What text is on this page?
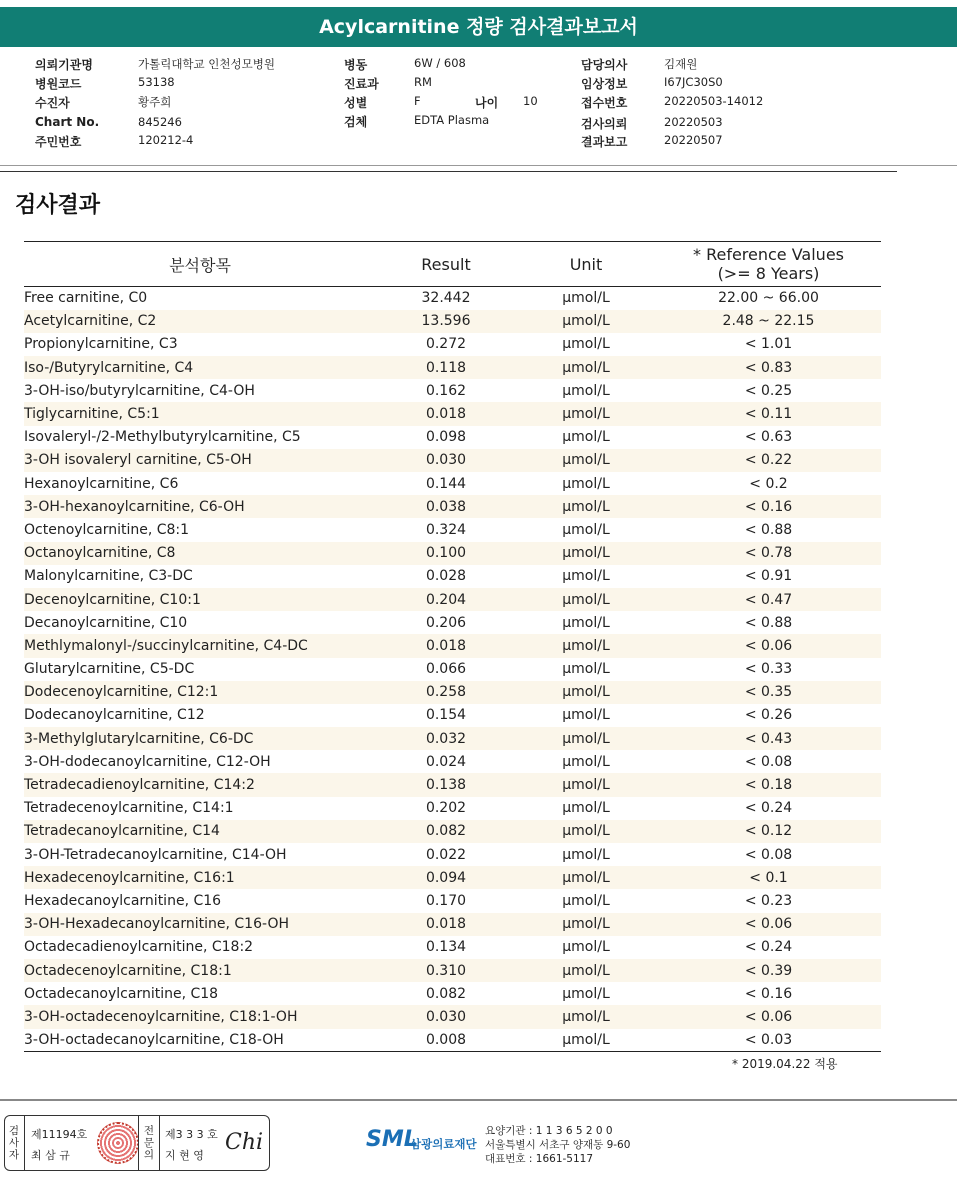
Acylcarnitine 정량 검사결과보고서
의뢰기관명	가톨릭대학교 인천성모병원
병원코드	53138
수진자	황주희
Chart No.	845246
주민번호	120212-4
병동	6W / 608
진료과	RM
성별	F	나이 10
검체	EDTA Plasma
담당의사	김재원
임상정보	I67JC30S0
접수번호	20220503-14012
검사의뢰	20220503
결과보고	20220507
검사결과
분석항목	Result	Unit	* Reference Values
(>= 8 Years)

Free carnitine, C0	32.442	μmol/L	22.00 ~ 66.00
Acetylcarnitine, C2	13.596	μmol/L	2.48 ~ 22.15
Propionylcarnitine, C3	0.272	μmol/L	< 1.01
Iso-/Butyrylcarnitine, C4	0.118	μmol/L	< 0.83
3-OH-iso/butyrylcarnitine, C4-OH	0.162	μmol/L	< 0.25
Tiglycarnitine, C5:1	0.018	μmol/L	< 0.11
Isovaleryl-/2-Methylbutyrylcarnitine, C5	0.098	μmol/L	< 0.63
3-OH isovaleryl carnitine, C5-OH	0.030	μmol/L	< 0.22
Hexanoylcarnitine, C6	0.144	μmol/L	< 0.2
3-OH-hexanoylcarnitine, C6-OH	0.038	μmol/L	< 0.16
Octenoylcarnitine, C8:1	0.324	μmol/L	< 0.88
Octanoylcarnitine, C8	0.100	μmol/L	< 0.78
Malonylcarnitine, C3-DC	0.028	μmol/L	< 0.91
Decenoylcarnitine, C10:1	0.204	μmol/L	< 0.47
Decanoylcarnitine, C10	0.206	μmol/L	< 0.88
Methlymalonyl-/succinylcarnitine, C4-DC	0.018	μmol/L	< 0.06
Glutarylcarnitine, C5-DC	0.066	μmol/L	< 0.33
Dodecenoylcarnitine, C12:1	0.258	μmol/L	< 0.35
Dodecanoylcarnitine, C12	0.154	μmol/L	< 0.26
3-Methylglutarylcarnitine, C6-DC	0.032	μmol/L	< 0.43
3-OH-dodecanoylcarnitine, C12-OH	0.024	μmol/L	< 0.08
Tetradecadienoylcarnitine, C14:2	0.138	μmol/L	< 0.18
Tetradecenoylcarnitine, C14:1	0.202	μmol/L	< 0.24
Tetradecanoylcarnitine, C14	0.082	μmol/L	< 0.12
3-OH-Tetradecanoylcarnitine, C14-OH	0.022	μmol/L	< 0.08
Hexadecenoylcarnitine, C16:1	0.094	μmol/L	< 0.1
Hexadecanoylcarnitine, C16	0.170	μmol/L	< 0.23
3-OH-Hexadecanoylcarnitine, C16-OH	0.018	μmol/L	< 0.06
Octadecadienoylcarnitine, C18:2	0.134	μmol/L	< 0.24
Octadecenoylcarnitine, C18:1	0.310	μmol/L	< 0.39
Octadecanoylcarnitine, C18	0.082	μmol/L	< 0.16
3-OH-octadecenoylcarnitine, C18:1-OH	0.030	μmol/L	< 0.06
3-OH-octadecanoylcarnitine, C18-OH	0.008	μmol/L	< 0.03
* 2019.04.22 적용
검사자
제11194호
최 삼 규
전문의
제3 3 3 호
지 현 영
Chi	SML
삼광의료재단
요양기관 : 1 1 3 6 5 2 0 0
서울특별시 서초구 양재동 9-60
대표번호 : 1661-5117
